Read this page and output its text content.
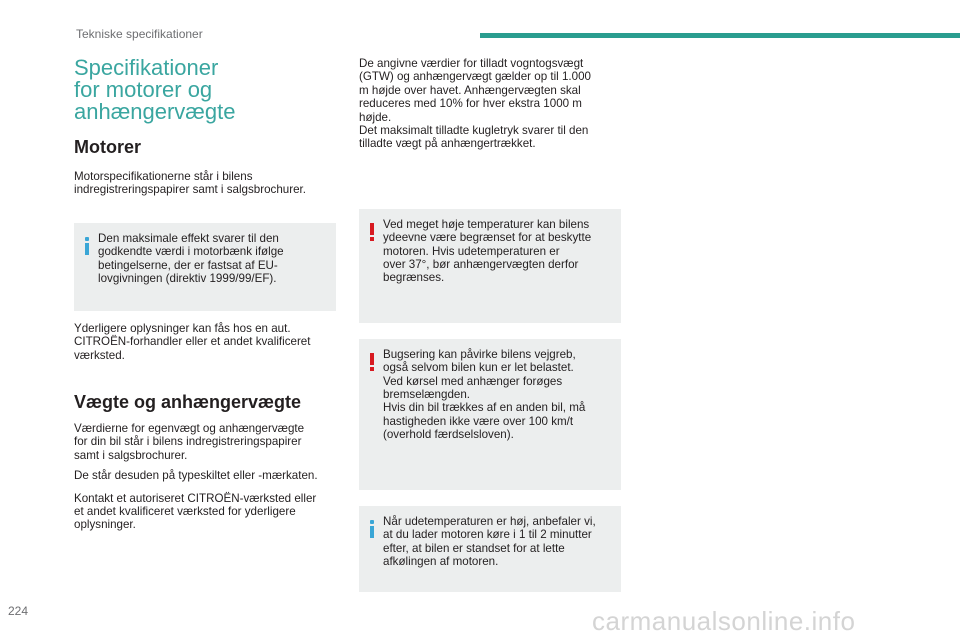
Tekniske specifikationer
Specifikationer
for motorer og
anhængervægte
Motorer

Motorspecifikationerne står i bilens
indregistreringspapirer samt i salgsbrochurer.

Den maksimale effekt svarer til den
godkendte værdi i motorbænk ifølge
betingelserne, der er fastsat af EU-
lovgivningen (direktiv 1999/99/EF).

Yderligere oplysninger kan fås hos en aut.
CITROËN-forhandler eller et andet kvalificeret
værksted.

Vægte og anhængervægte

Værdierne for egenvægt og anhængervægte
for din bil står i bilens indregistreringspapirer
samt i salgsbrochurer.

De står desuden på typeskiltet eller -mærkaten.

Kontakt et autoriseret CITROËN-værksted eller
et andet kvalificeret værksted for yderligere
oplysninger.

De angivne værdier for tilladt vogntogsvægt
(GTW) og anhængervægt gælder op til 1.000
m højde over havet. Anhængervægten skal
reduceres med 10% for hver ekstra 1000 m
højde.
Det maksimalt tilladte kugletryk svarer til den
tilladte vægt på anhængertrækket.

Ved meget høje temperaturer kan bilens
ydeevne være begrænset for at beskytte
motoren. Hvis udetemperaturen er
over 37°, bør anhængervægten derfor
begrænses.

Bugsering kan påvirke bilens vejgreb,
også selvom bilen kun er let belastet.
Ved kørsel med anhænger forøges
bremselængden.
Hvis din bil trækkes af en anden bil, må
hastigheden ikke være over 100 km/t
(overhold færdselsloven).

Når udetemperaturen er høj, anbefaler vi,
at du lader motoren køre i 1 til 2 minutter
efter, at bilen er standset for at lette
afkølingen af motoren.

224	carmanualsonline.info
